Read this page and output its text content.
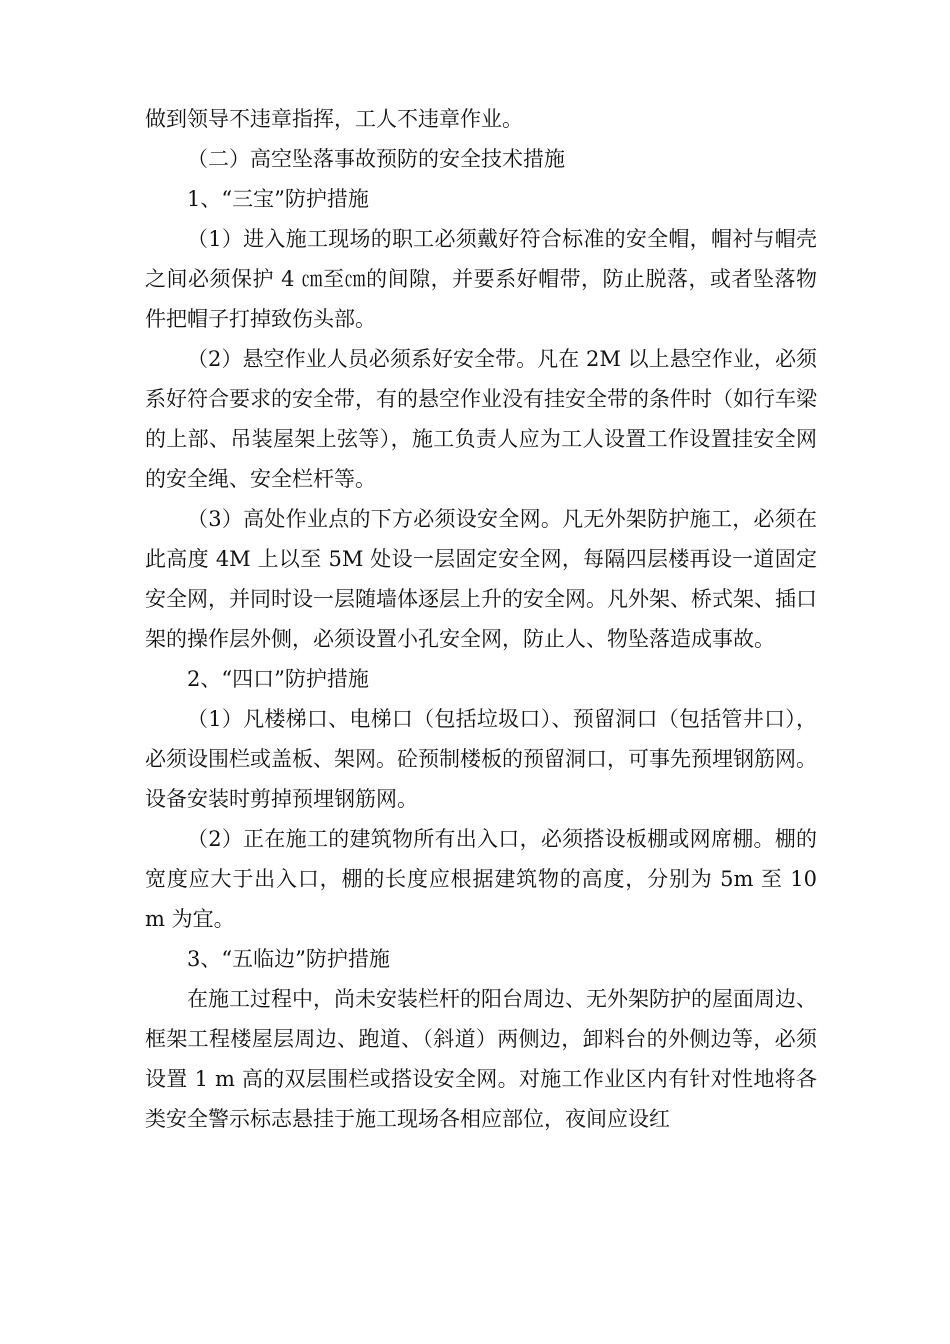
做到领导不违章指挥，工人不违章作业。

（二）高空坠落事故预防的安全技术措施

1、“三宝”防护措施

（1）进入施工现场的职工必须戴好符合标准的安全帽，帽衬与帽壳之间必须保护 4 ㎝至㎝的间隙，并要系好帽带，防止脱落，或者坠落物件把帽子打掉致伤头部。

（2）悬空作业人员必须系好安全带。凡在 2M 以上悬空作业，必须系好符合要求的安全带，有的悬空作业没有挂安全带的条件时（如行车梁的上部、吊装屋架上弦等），施工负责人应为工人设置工作设置挂安全网的安全绳、安全栏杆等。

（3）高处作业点的下方必须设安全网。凡无外架防护施工，必须在此高度 4M 上以至 5M 处设一层固定安全网，每隔四层楼再设一道固定安全网，并同时设一层随墙体逐层上升的安全网。凡外架、桥式架、插口架的操作层外侧，必须设置小孔安全网，防止人、物坠落造成事故。

2、“四口”防护措施

（1）凡楼梯口、电梯口（包括垃圾口）、预留洞口（包括管井口），必须设围栏或盖板、架网。砼预制楼板的预留洞口，可事先预埋钢筋网。设备安装时剪掉预埋钢筋网。

（2）正在施工的建筑物所有出入口，必须搭设板棚或网席棚。棚的宽度应大于出入口，棚的长度应根据建筑物的高度，分别为 5m 至 10 m 为宜。

3、“五临边”防护措施

在施工过程中，尚未安装栏杆的阳台周边、无外架防护的屋面周边、框架工程楼屋层周边、跑道、（斜道）两侧边，卸料台的外侧边等，必须设置 1 m 高的双层围栏或搭设安全网。对施工作业区内有针对性地将各类安全警示标志悬挂于施工现场各相应部位，夜间应设红
